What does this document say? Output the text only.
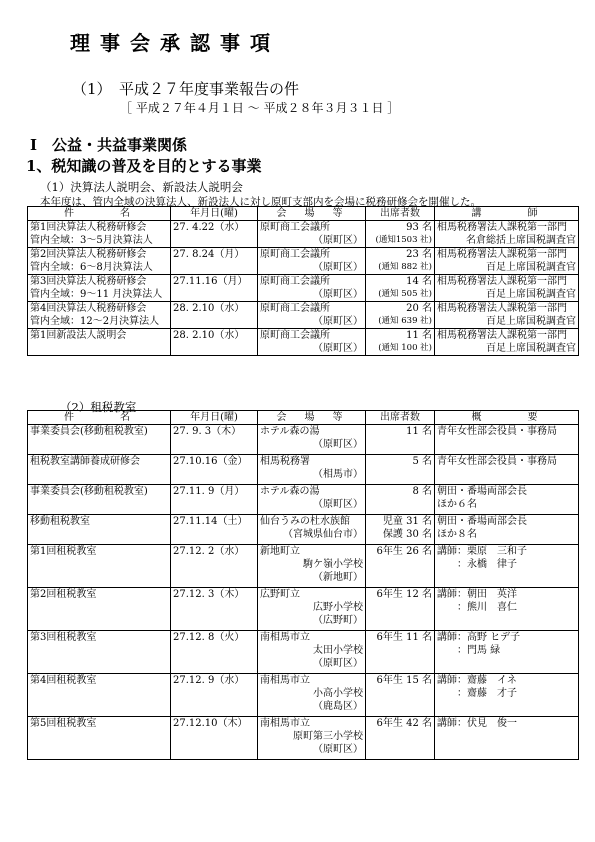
理事会承認事項
（1）　平成２７年度事業報告の件
［ 平成２７年４月１日 ～ 平成２８年３月３１日 ］
Ⅰ　公益・共益事業関係
1、税知識の普及を目的とする事業
（1）決算法人説明会、新設法人説明会
本年度は、管内全域の決算法人、新設法人に対し原町支部内を会場に税務研修会を開催した。
件　　　名	年月日(曜)	会　場　等	出席者数	講　　　師

第1回決算法人税務研修会
管内全域：3～5月決算法人	27. 4.22（水）	原町商工会議所
（原町区）	93 名
(通知1503 社)	相馬税務署法人課税第一部門
名倉総括上席国税調査官

第2回決算法人税務研修会
管内全域：6～8月決算法人	27. 8.24（月）	原町商工会議所
（原町区）	23 名
(通知 882 社)	相馬税務署法人課税第一部門
百足上席国税調査官

第3回決算法人税務研修会
管内全域：9～11 月決算法人	27.11.16（月）	原町商工会議所
（原町区）	14 名
(通知 505 社)	相馬税務署法人課税第一部門
百足上席国税調査官

第4回決算法人税務研修会
管内全域：12～2月決算法人	28. 2.10（水）	原町商工会議所
（原町区）	20 名
(通知 639 社)	相馬税務署法人課税第一部門
百足上席国税調査官

第1回新設法人説明会	28. 2.10（水）	原町商工会議所
（原町区）	11 名
(通知 100 社)	相馬税務署法人課税第一部門
百足上席国税調査官
（2）租税教室
件　　　名	年月日(曜)	会　場　等	出席者数	概　　　要

事業委員会(移動租税教室)	27. 9. 3（木）	ホテル森の湯
（原町区）	11 名	青年女性部会役員・事務局

租税教室講師養成研修会	27.10.16（金）	相馬税務署
（相馬市）	5 名	青年女性部会役員・事務局

事業委員会(移動租税教室)	27.11. 9（月）	ホテル森の湯
（原町区）	8 名	朝田・番場両部会長
ほか６名

移動租税教室	27.11.14（土）	仙台うみの杜水族館
（宮城県仙台市）	児童 31 名
保護 30 名	朝田・番場両部会長
ほか８名

第1回租税教室	27.12. 2（水）	新地町立
駒ケ嶺小学校
（新地町）	6年生 26 名	講師：栗原　三和子
　　：永橋　律子

第2回租税教室	27.12. 3（木）	広野町立
広野小学校
（広野町）	6年生 12 名	講師：朝田　英洋
　　：熊川　喜仁

第3回租税教室	27.12. 8（火）	南相馬市立
太田小学校
（原町区）	6年生 11 名	講師：高野 ヒデ子
　　：門馬 緑

第4回租税教室	27.12. 9（水）	南相馬市立
小高小学校
（鹿島区）	6年生 15 名	講師：齋藤　イネ
　　：齋藤　才子

第5回租税教室	27.12.10（木）	南相馬市立
原町第三小学校
（原町区）	6年生 42 名	講師：伏見　俊一
